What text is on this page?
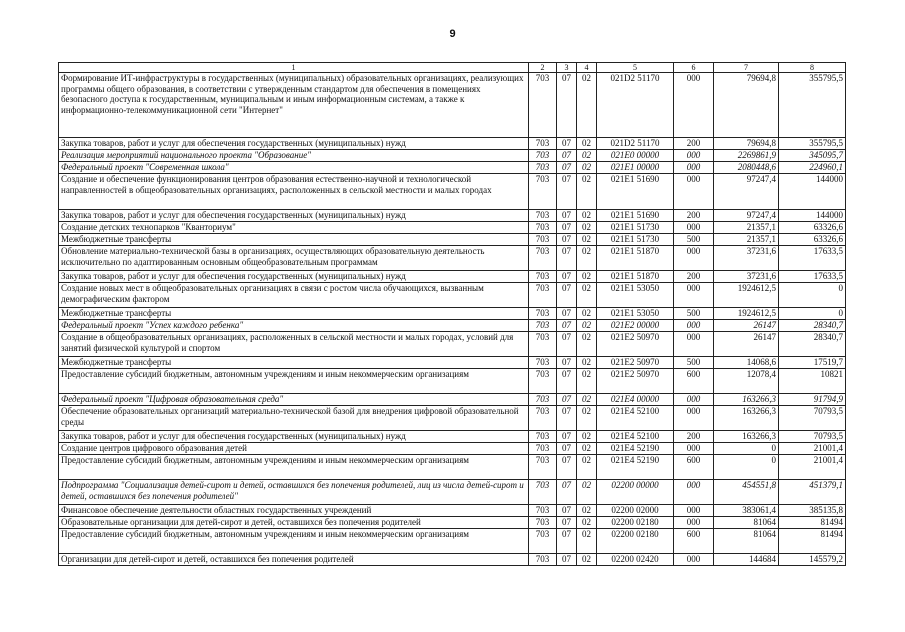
9
1	2	3	4	5	6	7	8
Формирование ИТ-инфраструктуры в государственных (муниципальных) образовательных организациях, реализующих программы общего образования, в соответствии с утвержденным стандартом для обеспечения в помещениях безопасного доступа к государственным, муниципальным и иным информационным системам, а также к информационно-телекоммуникационной сети "Интернет"	703	07	02	021D2 51170	000	79694,8	355795,5
Закупка товаров, работ и услуг для обеспечения государственных (муниципальных) нужд	703	07	02	021D2 51170	200	79694,8	355795,5
Реализация мероприятий национального проекта "Образование"	703	07	02	021E0 00000	000	2269861,9	345095,7
Федеральный проект "Современная школа"	703	07	02	021E1 00000	000	2080448,6	224960,1
Создание и обеспечение функционирования центров образования естественно-научной и технологической направленностей в общеобразовательных организациях, расположенных в сельской местности и малых городах	703	07	02	021E1 51690	000	97247,4	144000
Закупка товаров, работ и услуг для обеспечения государственных (муниципальных) нужд	703	07	02	021E1 51690	200	97247,4	144000
Создание детских технопарков "Кванториум"	703	07	02	021E1 51730	000	21357,1	63326,6
Межбюджетные трансферты	703	07	02	021E1 51730	500	21357,1	63326,6
Обновление материально-технической базы в организациях, осуществляющих образовательную деятельность исключительно по адаптированным основным общеобразовательным программам	703	07	02	021E1 51870	000	37231,6	17633,5
Закупка товаров, работ и услуг для обеспечения государственных (муниципальных) нужд	703	07	02	021E1 51870	200	37231,6	17633,5
Создание новых мест в общеобразовательных организациях в связи с ростом числа обучающихся, вызванным демографическим фактором	703	07	02	021E1 53050	000	1924612,5	0
Межбюджетные трансферты	703	07	02	021E1 53050	500	1924612,5	0
Федеральный проект "Успех каждого ребенка"	703	07	02	021E2 00000	000	26147	28340,7
Создание в общеобразовательных организациях, расположенных в сельской местности и малых городах, условий для занятий физической культурой и спортом	703	07	02	021E2 50970	000	26147	28340,7
Межбюджетные трансферты	703	07	02	021E2 50970	500	14068,6	17519,7
Предоставление субсидий бюджетным, автономным учреждениям и иным некоммерческим организациям	703	07	02	021E2 50970	600	12078,4	10821
Федеральный проект "Цифровая образовательная среда"	703	07	02	021E4 00000	000	163266,3	91794,9
Обеспечение образовательных организаций материально-технической базой для внедрения цифровой образовательной среды	703	07	02	021E4 52100	000	163266,3	70793,5
Закупка товаров, работ и услуг для обеспечения государственных (муниципальных) нужд	703	07	02	021E4 52100	200	163266,3	70793,5
Создание центров цифрового образования детей	703	07	02	021E4 52190	000	0	21001,4
Предоставление субсидий бюджетным, автономным учреждениям и иным некоммерческим организациям	703	07	02	021E4 52190	600	0	21001,4
Подпрограмма "Социализация детей-сирот и детей, оставшихся без попечения родителей, лиц из числа детей-сирот и детей, оставшихся без попечения родителей"	703	07	02	02200 00000	000	454551,8	451379,1
Финансовое обеспечение деятельности областных государственных учреждений	703	07	02	02200 02000	000	383061,4	385135,8
Образовательные организации для детей-сирот и детей, оставшихся без попечения родителей	703	07	02	02200 02180	000	81064	81494
Предоставление субсидий бюджетным, автономным учреждениям и иным некоммерческим организациям	703	07	02	02200 02180	600	81064	81494
Организации для детей-сирот и детей, оставшихся без попечения родителей	703	07	02	02200 02420	000	144684	145579,2
